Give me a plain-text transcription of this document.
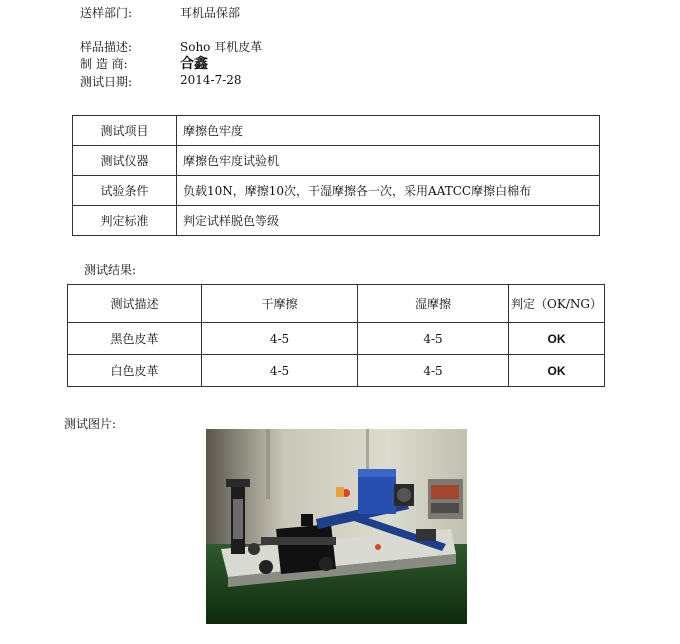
送样部门:	耳机品保部
样品描述:	Soho 耳机皮革
制 造 商:	合鑫
测试日期:	2014-7-28
测试项目	摩擦色牢度
测试仪器	摩擦色牢度试验机
试验条件	负载10N，摩擦10次，干湿摩擦各一次，采用AATCC摩擦白棉布
判定标准	判定试样脱色等级
测试结果:
测试描述	干摩擦	湿摩擦	判定（OK/NG）
黑色皮革	4-5	4-5	OK
白色皮革	4-5	4-5	OK
测试图片:
